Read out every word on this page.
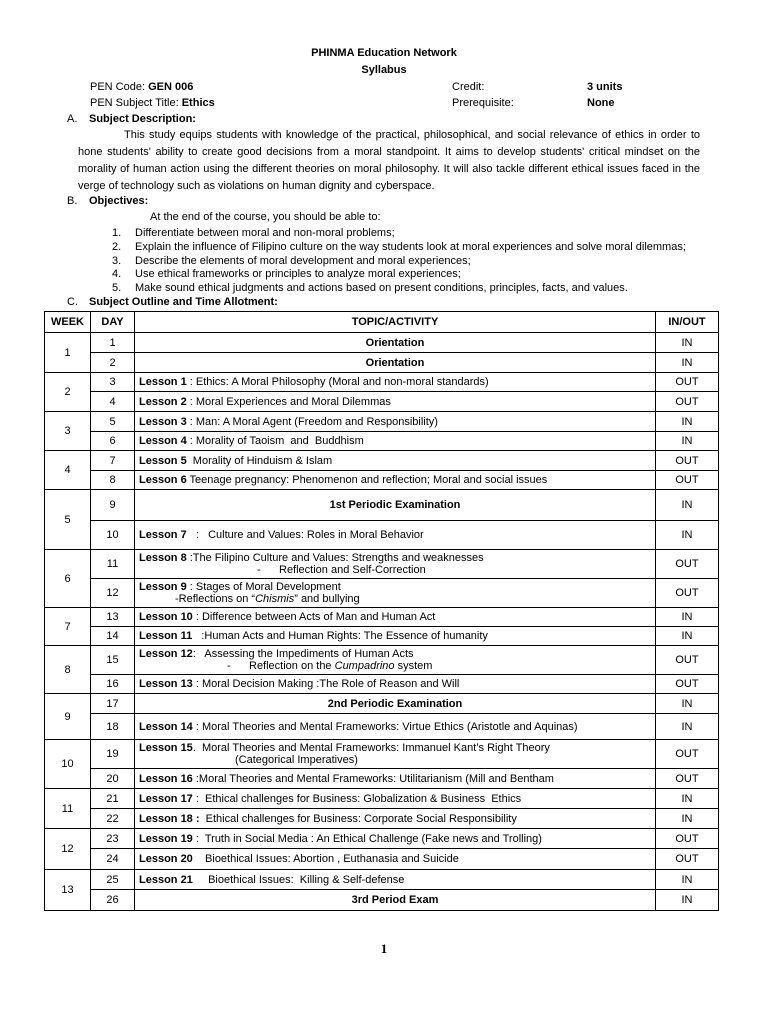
PHINMA Education Network
Syllabus
PEN Code: GEN 006	Credit:	3 units
PEN Subject Title: Ethics	Prerequisite:	None
A. Subject Description:
This study equips students with knowledge of the practical, philosophical, and social relevance of ethics in order to hone students' ability to create good decisions from a moral standpoint. It aims to develop students' critical mindset on the morality of human action using the different theories on moral philosophy. It will also tackle different ethical issues faced in the verge of technology such as violations on human dignity and cyberspace.
B. Objectives:
At the end of the course, you should be able to:
1. Differentiate between moral and non-moral problems;
2. Explain the influence of Filipino culture on the way students look at moral experiences and solve moral dilemmas;
3. Describe the elements of moral development and moral experiences;
4. Use ethical frameworks or principles to analyze moral experiences;
5. Make sound ethical judgments and actions based on present conditions, principles, facts, and values.
C. Subject Outline and Time Allotment:
WEEK	DAY	TOPIC/ACTIVITY	IN/OUT
1	1	Orientation	IN
	2	Orientation	IN
2	3	Lesson 1 : Ethics: A Moral Philosophy (Moral and non-moral standards)	OUT
	4	Lesson 2 : Moral Experiences and Moral Dilemmas	OUT
3	5	Lesson 3 : Man: A Moral Agent (Freedom and Responsibility)	IN
	6	Lesson 4 : Morality of Taoism  and  Buddhism	IN
4	7	Lesson 5  Morality of Hinduism & Islam	OUT
	8	Lesson 6 Teenage pregnancy: Phenomenon and reflection; Moral and social issues	OUT
5	9	1st Periodic Examination	IN
	10	Lesson 7   :   Culture and Values: Roles in Moral Behavior	IN
6	11	Lesson 8 :The Filipino Culture and Values: Strengths and weaknesses
-      Reflection and Self-Correction	OUT
	12	Lesson 9 : Stages of Moral Development
-Reflections on “Chismis” and bullying	OUT
7	13	Lesson 10 : Difference between Acts of Man and Human Act	IN
	14	Lesson 11   :Human Acts and Human Rights: The Essence of humanity	IN
8	15	Lesson 12:   Assessing the Impediments of Human Acts
-      Reflection on the Cumpadrino system	OUT
	16	Lesson 13 : Moral Decision Making :The Role of Reason and Will	OUT
9	17	2nd Periodic Examination	IN
	18	Lesson 14 : Moral Theories and Mental Frameworks: Virtue Ethics (Aristotle and Aquinas)	IN
10	19	Lesson 15.  Moral Theories and Mental Frameworks: Immanuel Kant’s Right Theory
(Categorical Imperatives)	OUT
	20	Lesson 16 :Moral Theories and Mental Frameworks: Utilitarianism (Mill and Bentham	OUT
11	21	Lesson 17 :  Ethical challenges for Business: Globalization & Business  Ethics	IN
	22	Lesson 18 :  Ethical challenges for Business: Corporate Social Responsibility	IN
12	23	Lesson 19 :  Truth in Social Media : An Ethical Challenge (Fake news and Trolling)	OUT
	24	Lesson 20    Bioethical Issues: Abortion , Euthanasia and Suicide	OUT
13	25	Lesson 21     Bioethical Issues:  Killing & Self-defense	IN
	26	3rd Period Exam	IN
1
